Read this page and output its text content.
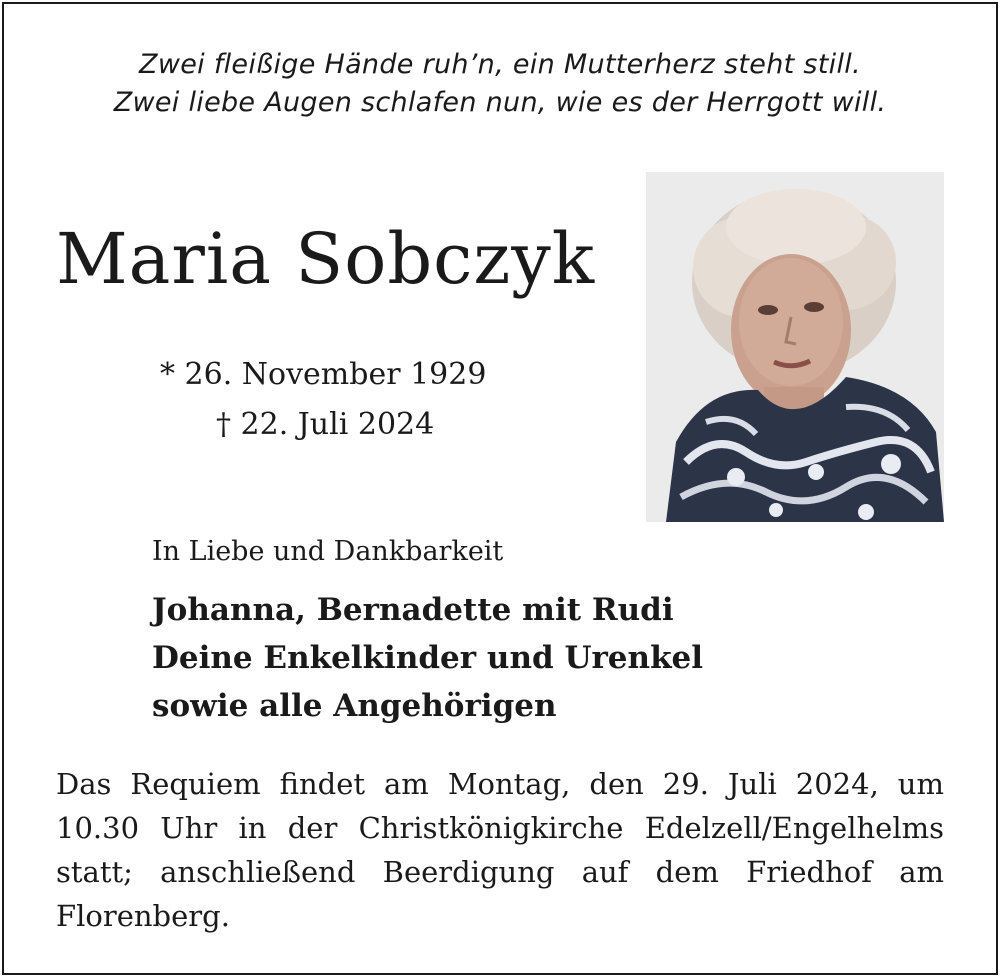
Zwei fleißige Hände ruh’n, ein Mutterherz steht still.
Zwei liebe Augen schlafen nun, wie es der Herrgott will.
Maria Sobczyk
* 26. November 1929
† 22. Juli 2024
In Liebe und Dankbarkeit
Johanna, Bernadette mit Rudi
Deine Enkelkinder und Urenkel
sowie alle Angehörigen
Das Requiem findet am Montag, den 29. Juli 2024, um
10.30 Uhr in der Christkönigkirche Edelzell/Engelhelms
statt; anschließend Beerdigung auf dem Friedhof am
Florenberg.
